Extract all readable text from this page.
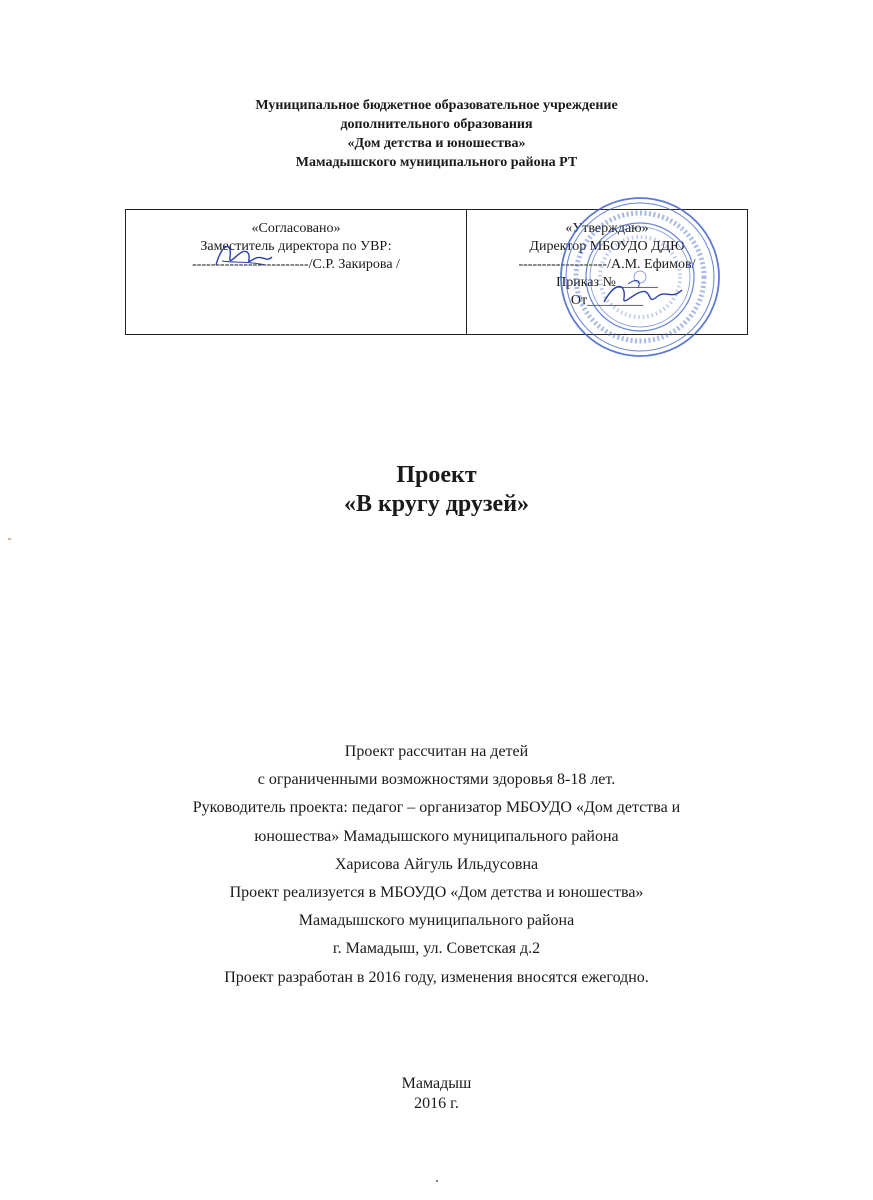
Муниципальное бюджетное образовательное учреждение
дополнительного образования
«Дом детства и юношества»
Мамадышского муниципального района РТ
«Согласовано»
Заместитель директора по УВР:
-------------------------/С.Р. Закирова /
«Утверждаю»
Директор МБОУДО ДДЮ
-------------------/А.М. Ефимов/
Приказ №______
От________
Проект
«В кругу друзей»
Проект рассчитан на детей
с ограниченными возможностями здоровья 8-18 лет.
Руководитель проекта: педагог – организатор МБОУДО «Дом детства и
юношества» Мамадышского муниципального района
Харисова Айгуль Ильдусовна
Проект реализуется в МБОУДО «Дом детства и юношества»
Мамадышского муниципального района
г. Мамадыш, ул. Советская д.2
Проект разработан в 2016 году, изменения вносятся ежегодно.
Мамадыш
2016 г.
